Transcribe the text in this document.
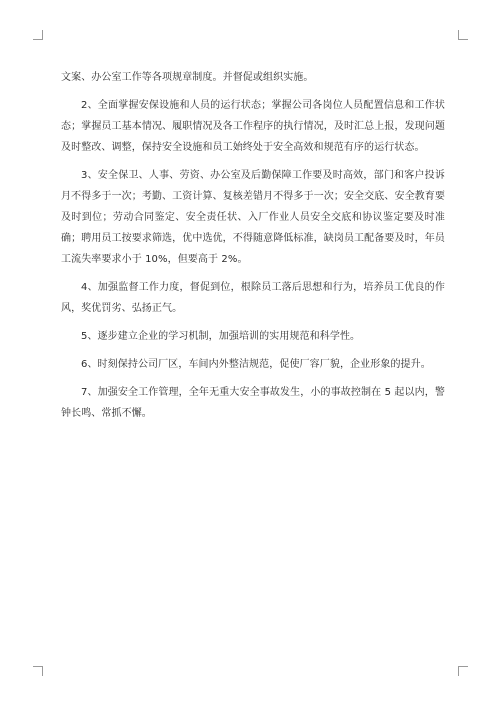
文案、办公室工作等各项规章制度。并督促或组织实施。

2、全面掌握安保设施和人员的运行状态；掌握公司各岗位人员配置信息和工作状态；掌握员工基本情况、履职情况及各工作程序的执行情况，及时汇总上报，发现问题及时整改、调整，保持安全设施和员工始终处于安全高效和规范有序的运行状态。

3、安全保卫、人事、劳资、办公室及后勤保障工作要及时高效，部门和客户投诉月不得多于一次；考勤、工资计算、复核差错月不得多于一次；安全交底、安全教育要及时到位；劳动合同鉴定、安全责任状、入厂作业人员安全交底和协议鉴定要及时准确；聘用员工按要求筛选，优中选优，不得随意降低标准，缺岗员工配备要及时，年员工流失率要求小于 10%，但要高于 2%。

4、加强监督工作力度，督促到位，根除员工落后思想和行为，培养员工优良的作风，奖优罚劣、弘扬正气。

5、逐步建立企业的学习机制，加强培训的实用规范和科学性。

6、时刻保持公司厂区，车间内外整洁规范，促使厂容厂貌，企业形象的提升。

7、加强安全工作管理，全年无重大安全事故发生，小的事故控制在 5 起以内，警钟长鸣、常抓不懈。
